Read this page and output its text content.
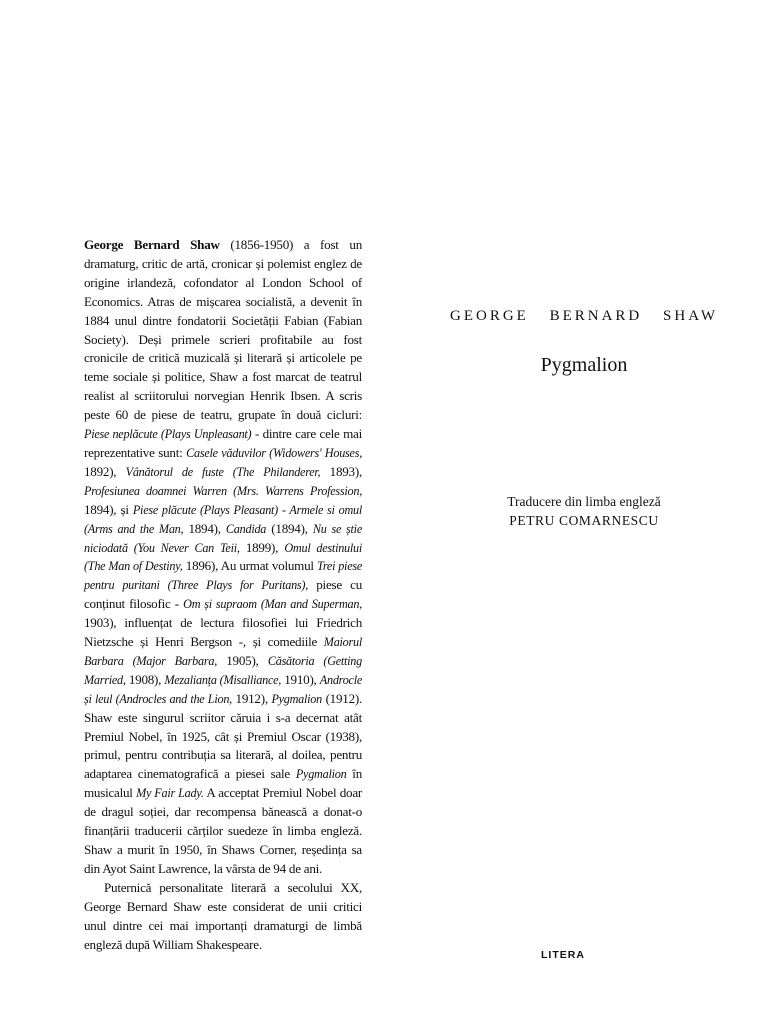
George Bernard Shaw (1856-1950) a fost un dramaturg, critic de artă, cronicar și polemist englez de origine irlandeză, cofondator al London School of Economics. Atras de mișcarea socialistă, a devenit în 1884 unul dintre fondatorii Societății Fabian (Fabian Society). Deși primele scrieri profitabile au fost cronicile de critică muzicală și literară și articolele pe teme sociale și politice, Shaw a fost marcat de teatrul realist al scriitorului norvegian Henrik Ibsen. A scris peste 60 de piese de teatru, grupate în două cicluri: Piese neplăcute (Plays Unpleasant) - dintre care cele mai reprezentative sunt: Casele văduvilor (Widowers' Houses, 1892), Vânătorul de fuste (The Philanderer, 1893), Profesiunea doamnei Warren (Mrs. Warrens Profession, 1894), și Piese plăcute (Plays Pleasant) - Armele si omul (Arms and the Man, 1894), Candida (1894), Nu se știe niciodată (You Never Can Teii, 1899), Omul destinului (The Man of Destiny, 1896), Au urmat volumul Trei piese pentru puritani (Three Plays for Puritans), piese cu conținut filosofic - Om și supraom (Man and Superman, 1903), influențat de lectura filosofiei lui Friedrich Nietzsche și Henri Bergson -, și comediile Maiorul Barbara (Major Barbara, 1905), Căsătoria (Getting Married, 1908), Mezalianța (Misalliance, 1910), Androcle și leul (Androcles and the Lion, 1912), Pygmalion (1912). Shaw este singurul scriitor căruia i s-a decernat atât Premiul Nobel, în 1925, cât și Premiul Oscar (1938), primul, pentru contribuția sa literară, al doilea, pentru adaptarea cinematografică a piesei sale Pygmalion în musicalul My Fair Lady. A acceptat Premiul Nobel doar de dragul soției, dar recompensa bănească a donat-o finanțării traducerii cărților suedeze în limba engleză. Shaw a murit în 1950, în Shaws Corner, reședința sa din Ayot Saint Lawrence, la vârsta de 94 de ani.

Puternică personalitate literară a secolului XX, George Bernard Shaw este considerat de unii critici unul dintre cei mai importanți dramaturgi de limbă engleză după William Shakespeare.

GEORGE BERNARD SHAW
Pygmalion
Traducere din limba engleză
PETRU COMARNESCU
LITERA
